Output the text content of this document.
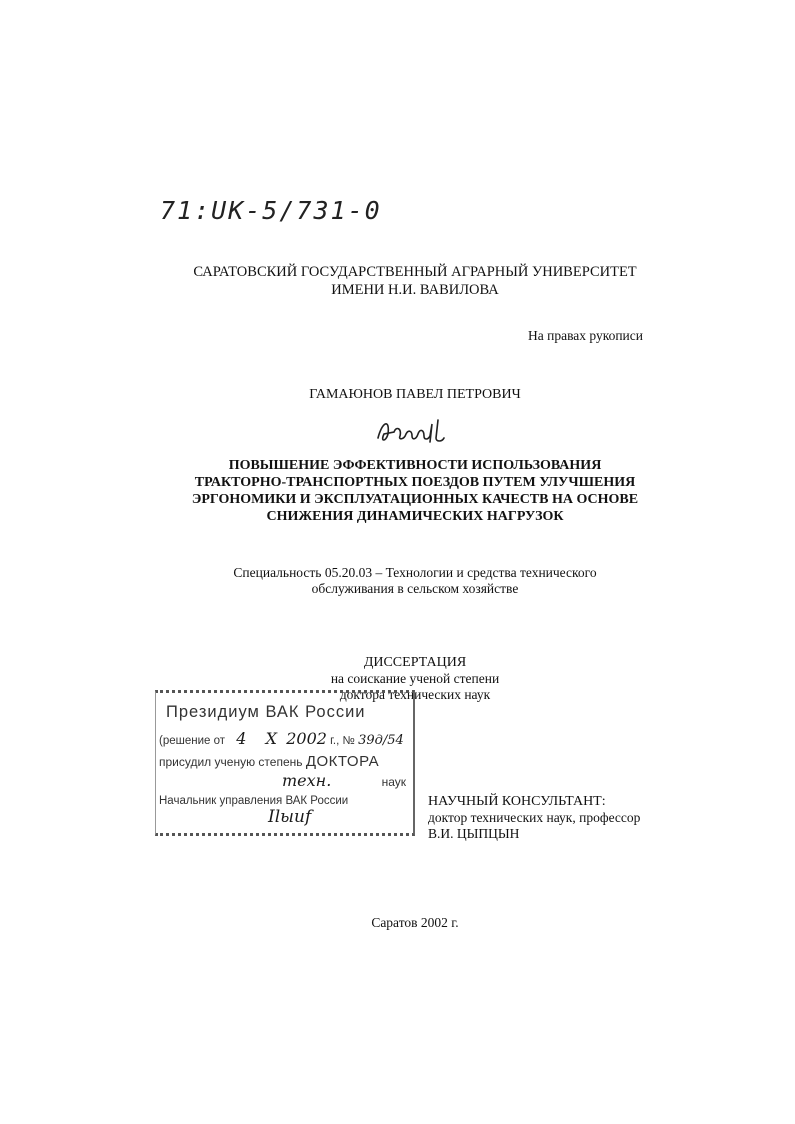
71:UK-5/731-0
САРАТОВСКИЙ ГОСУДАРСТВЕННЫЙ АГРАРНЫЙ УНИВЕРСИТЕТ
ИМЕНИ Н.И. ВАВИЛОВА
На правах рукописи
ГАМАЮНОВ ПАВЕЛ ПЕТРОВИЧ
ПОВЫШЕНИЕ ЭФФЕКТИВНОСТИ ИСПОЛЬЗОВАНИЯ
ТРАКТОРНО-ТРАНСПОРТНЫХ ПОЕЗДОВ ПУТЕМ УЛУЧШЕНИЯ
ЭРГОНОМИКИ И ЭКСПЛУАТАЦИОННЫХ КАЧЕСТВ НА ОСНОВЕ
СНИЖЕНИЯ ДИНАМИЧЕСКИХ НАГРУЗОК
Специальность 05.20.03 – Технологии и средства технического
обслуживания в сельском хозяйстве
ДИССЕРТАЦИЯ
на соискание ученой степени
доктора технических наук
Президиум ВАК России
(решение от 4 X 2002 г., № 39д/54
присудил ученую степень ДОКТОРА
техн.	наук
Начальник управления ВАК России
Ilыuf
НАУЧНЫЙ КОНСУЛЬТАНТ:
доктор технических наук, профессор
В.И. ЦЫПЦЫН
Саратов 2002 г.
